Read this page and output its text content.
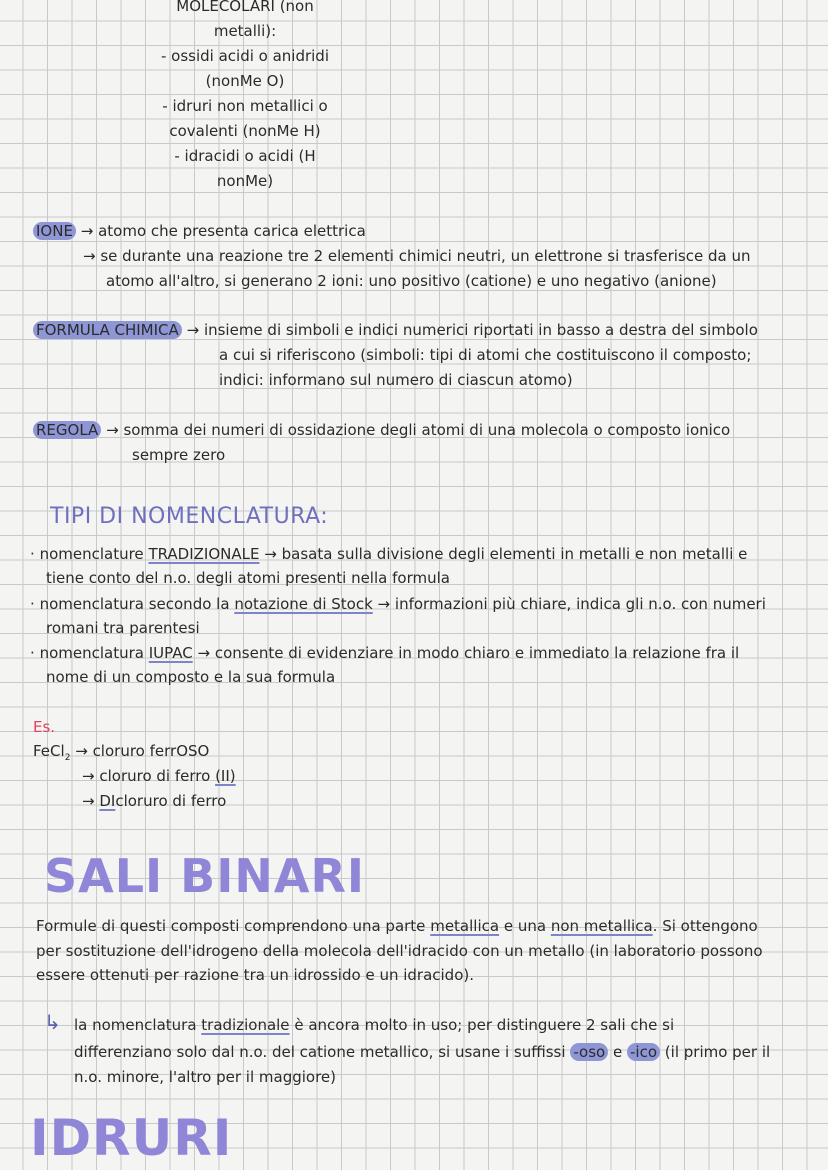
MOLECOLARI (non
metalli):
- ossidi acidi o anidridi
(nonMe O)
- idruri non metallici o
covalenti (nonMe H)
- idracidi o acidi (H
nonMe)
IONE → atomo che presenta carica elettrica
→ se durante una reazione tre 2 elementi chimici neutri, un elettrone si trasferisce da un
atomo all'altro, si generano 2 ioni: uno positivo (catione) e uno negativo (anione)
FORMULA CHIMICA → insieme di simboli e indici numerici riportati in basso a destra del simbolo
a cui si riferiscono (simboli: tipi di atomi che costituiscono il composto;
indici: informano sul numero di ciascun atomo)
REGOLA → somma dei numeri di ossidazione degli atomi di una molecola o composto ionico
sempre zero
TIPI DI NOMENCLATURA:
· nomenclature TRADIZIONALE → basata sulla divisione degli elementi in metalli e non metalli e
tiene conto del n.o. degli atomi presenti nella formula
· nomenclatura secondo la notazione di Stock → informazioni più chiare, indica gli n.o. con numeri
romani tra parentesi
· nomenclatura IUPAC → consente di evidenziare in modo chiaro e immediato la relazione fra il
nome di un composto e la sua formula
Es.
FeCl$_2$ → cloruro ferrOSO
→ cloruro di ferro (II)
→ DIcloruro di ferro
SALI BINARI
Formule di questi composti comprendono una parte metallica e una non metallica. Si ottengono
per sostituzione dell'idrogeno della molecola dell'idracido con un metallo (in laboratorio possono
essere ottenuti per razione tra un idrossido e un idracido).
↳ la nomenclatura tradizionale è ancora molto in uso; per distinguere 2 sali che si
differenziano solo dal n.o. del catione metallico, si usane i suffissi -oso e -ico (il primo per il
n.o. minore, l'altro per il maggiore)
IDRURI
